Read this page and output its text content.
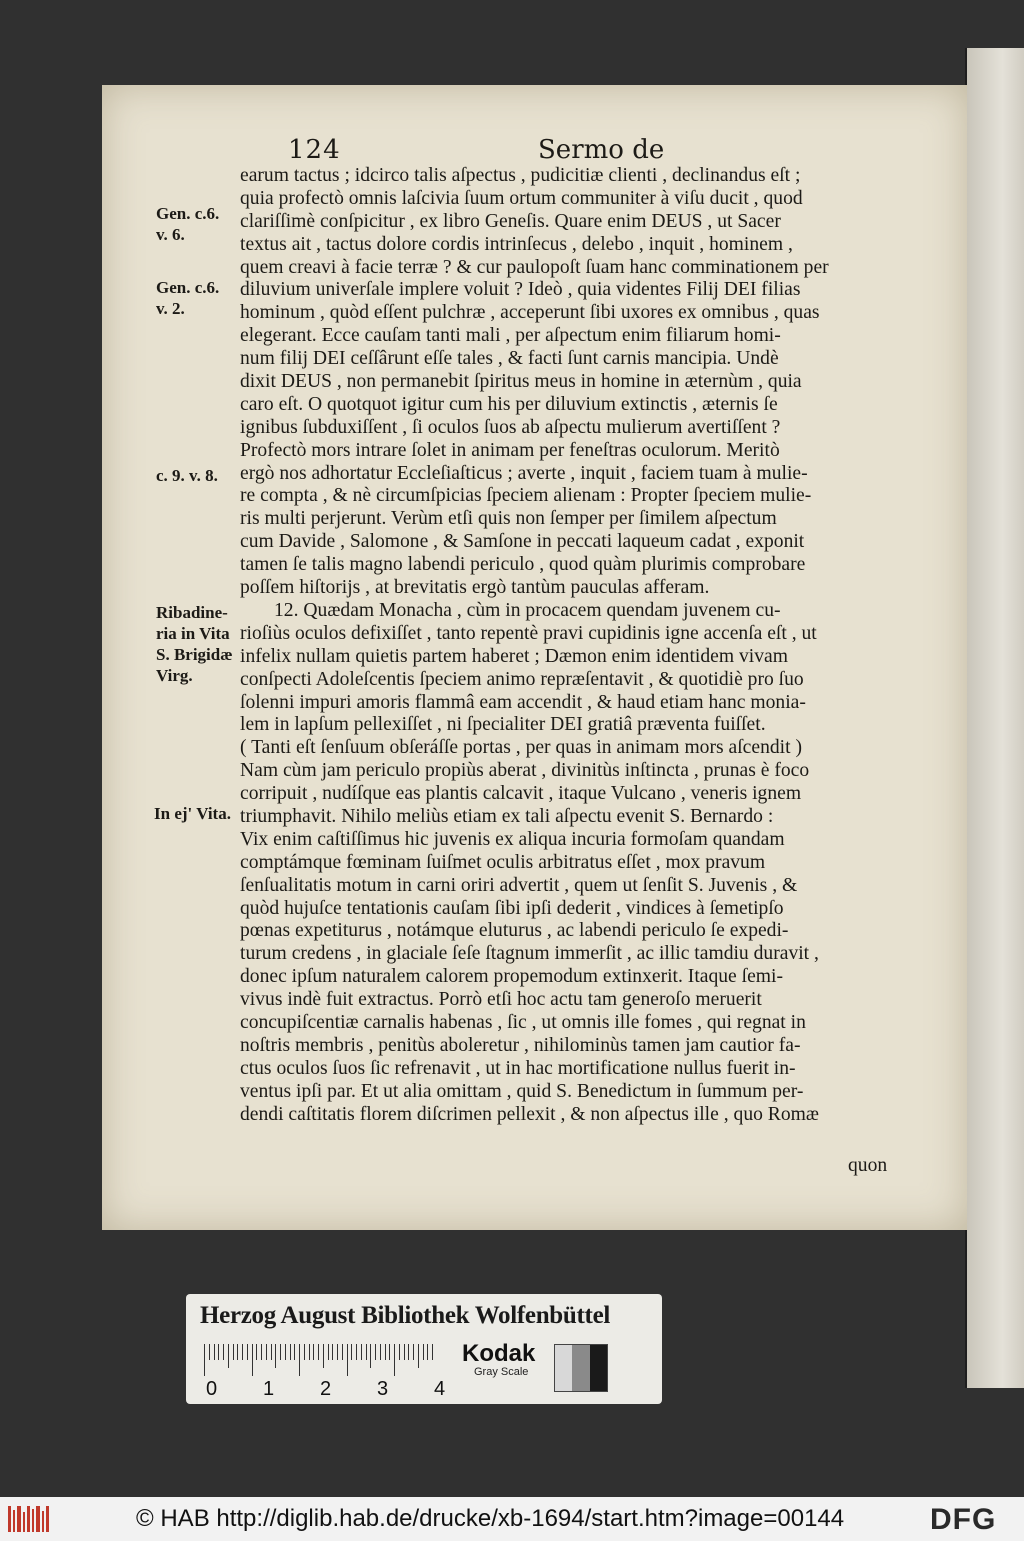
124	Sermo de
Gen. c.6.
v. 6.
Gen. c.6.
v. 2.
c. 9. v. 8.
Ribadine-
ria in Vita
S. Brigidæ
Virg.
In ej' Vita.
earum tactus ; idcirco talis aſpectus , pudicitiæ clienti , declinandus eſt ;
quia profectò omnis laſcivia ſuum ortum communiter à viſu ducit , quod
clariſſimè conſpicitur , ex libro Geneſis. Quare enim DEUS , ut Sacer
textus ait , tactus dolore cordis intrinſecus , delebo , inquit , hominem ,
quem creavi à facie terræ ? & cur paulopoſt ſuam hanc comminationem per
diluvium univerſale implere voluit ? Ideò , quia videntes Filij DEI filias
hominum , quòd eſſent pulchræ , acceperunt ſibi uxores ex omnibus , quas
elegerant. Ecce cauſam tanti mali , per aſpectum enim filiarum homi-
num filij DEI ceſſârunt eſſe tales , & facti ſunt carnis mancipia. Undè
dixit DEUS , non permanebit ſpiritus meus in homine in æternùm , quia
caro eſt. O quotquot igitur cum his per diluvium extinctis , æternis ſe
ignibus ſubduxiſſent , ſi oculos ſuos ab aſpectu mulierum avertiſſent ?
Profectò mors intrare ſolet in animam per feneſtras oculorum. Meritò
ergò nos adhortatur Eccleſiaſticus ; averte , inquit , faciem tuam à mulie-
re compta , & nè circumſpicias ſpeciem alienam : Propter ſpeciem mulie-
ris multi perjerunt. Verùm etſi quis non ſemper per ſimilem aſpectum
cum Davide , Salomone , & Samſone in peccati laqueum cadat , exponit
tamen ſe talis magno labendi periculo , quod quàm plurimis comprobare
poſſem hiſtorijs , at brevitatis ergò tantùm pauculas afferam.
12. Quædam Monacha , cùm in procacem quendam juvenem cu-
rioſiùs oculos defixiſſet , tanto repentè pravi cupidinis igne accenſa eſt , ut
infelix nullam quietis partem haberet ; Dæmon enim identidem vivam
conſpecti Adoleſcentis ſpeciem animo repræſentavit , & quotidiè pro ſuo
ſolenni impuri amoris flammâ eam accendit , & haud etiam hanc monia-
lem in lapſum pellexiſſet , ni ſpecialiter DEI gratiâ præventa fuiſſet.
( Tanti eſt ſenſuum obſeráſſe portas , per quas in animam mors aſcendit )
Nam cùm jam periculo propiùs aberat , divinitùs inſtincta , prunas è foco
corripuit , nudíſque eas plantis calcavit , itaque Vulcano , veneris ignem
triumphavit. Nihilo meliùs etiam ex tali aſpectu evenit S. Bernardo :
Vix enim caſtiſſimus hic juvenis ex aliqua incuria formoſam quandam
comptámque fœminam ſuiſmet oculis arbitratus eſſet , mox pravum
ſenſualitatis motum in carni oriri advertit , quem ut ſenſit S. Juvenis , &
quòd hujuſce tentationis cauſam ſibi ipſi dederit , vindices à ſemetipſo
pœnas expetiturus , notámque eluturus , ac labendi periculo ſe expedi-
turum credens , in glaciale ſeſe ſtagnum immerſit , ac illic tamdiu duravit ,
donec ipſum naturalem calorem propemodum extinxerit. Itaque ſemi-
vivus indè fuit extractus. Porrò etſi hoc actu tam generoſo meruerit
concupiſcentiæ carnalis habenas , ſic , ut omnis ille fomes , qui regnat in
noſtris membris , penitùs aboleretur , nihilominùs tamen jam cautior fa-
ctus oculos ſuos ſic refrenavit , ut in hac mortificatione nullus fuerit in-
ventus ipſi par. Et ut alia omittam , quid S. Benedictum in ſummum per-
dendi caſtitatis florem diſcrimen pellexit , & non aſpectus ille , quo Romæ
quon
Herzog August Bibliothek Wolfenbüttel
0 1 2 3 4
Kodak
Gray Scale
© HAB http://diglib.hab.de/drucke/xb-1694/start.htm?image=00144	DFG
